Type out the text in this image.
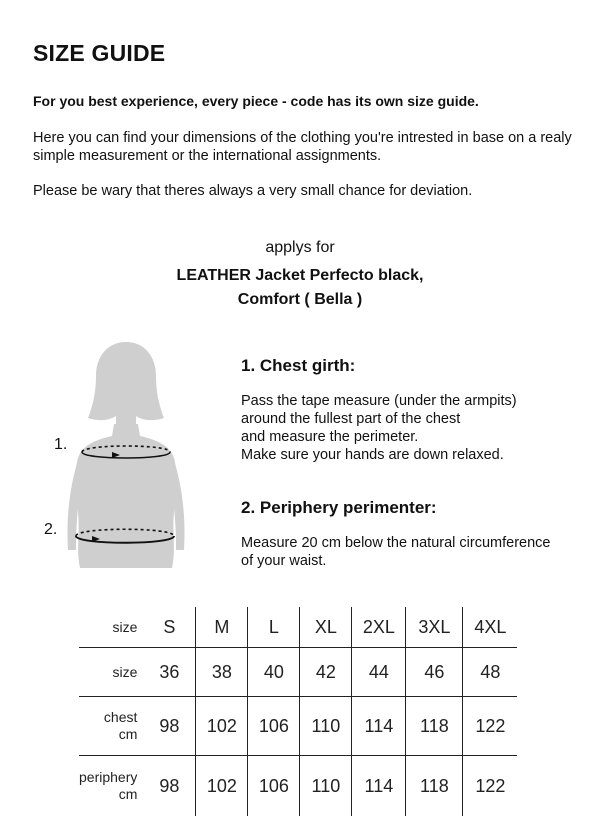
SIZE GUIDE

For you best experience, every piece - code has its own size guide.

Here you can find your dimensions of the clothing you're intrested in base on a realy simple measurement or the international assignments.

Please be wary that theres always a very small chance for deviation.

applys for
LEATHER Jacket Perfecto black,
Comfort ( Bella )
1.
2.
1. Chest girth:
Pass the tape measure (under the armpits)
around the fullest part of the chest
and measure the perimeter.
Make sure your hands are down relaxed.
2. Periphery perimenter:
Measure 20 cm below the natural circumference
of your waist.
size	S	M	L	XL	2XL	3XL	4XL
size	36	38	40	42	44	46	48

chest
cm	98	102	106	110	114	118	122

periphery
cm	98	102	106	110	114	118	122
